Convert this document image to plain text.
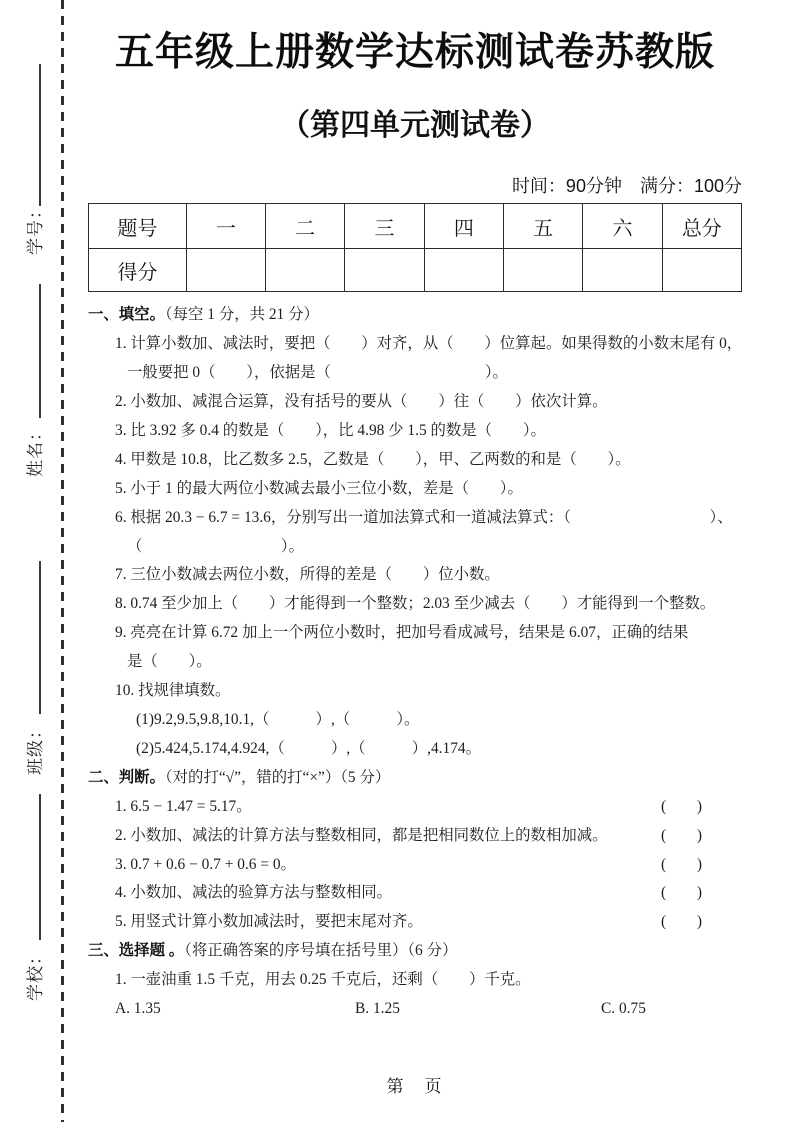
学号：
姓名：
班级：
学校：
五年级上册数学达标测试卷苏教版
（第四单元测试卷）
时间：90分钟　满分：100分
题号	一	二	三	四	五	六	总分
得分							
一、填空。（每空 1 分，共 21 分）
1. 计算小数加、减法时，要把（　　）对齐，从（　　）位算起。如果得数的小数末尾有 0，
一般要把 0（　　），依据是（　　　　　　　　　　）。
2. 小数加、减混合运算，没有括号的要从（　　）往（　　）依次计算。
3. 比 3.92 多 0.4 的数是（　　），比 4.98 少 1.5 的数是（　　）。
4. 甲数是 10.8，比乙数多 2.5，乙数是（　　），甲、乙两数的和是（　　）。
5. 小于 1 的最大两位小数减去最小三位小数，差是（　　）。
6. 根据 20.3 − 6.7 = 13.6，分别写出一道加法算式和一道减法算式：（　　　　　　　　　）、
（　　　　　　　　　）。
7. 三位小数减去两位小数，所得的差是（　　）位小数。
8. 0.74 至少加上（　　）才能得到一个整数；2.03 至少减去（　　）才能得到一个整数。
9. 亮亮在计算 6.72 加上一个两位小数时，把加号看成减号，结果是 6.07，正确的结果
是（　　）。
10. 找规律填数。
(1)9.2,9.5,9.8,10.1,（　　　）,（　　　）。
(2)5.424,5.174,4.924,（　　　）,（　　　）,4.174。
二、判断。（对的打“√”，错的打“×”）（5 分）
1. 6.5 − 1.47 = 5.17。	(　　)
2. 小数加、减法的计算方法与整数相同，都是把相同数位上的数相加减。	(　　)
3. 0.7 + 0.6 − 0.7 + 0.6 = 0。	(　　)
4. 小数加、减法的验算方法与整数相同。	(　　)
5. 用竖式计算小数加减法时，要把末尾对齐。	(　　)
三、选择题 。（将正确答案的序号填在括号里）（6 分）
1. 一壶油重 1.5 千克，用去 0.25 千克后，还剩（　　）千克。
A. 1.35	B. 1.25	C. 0.75
第　页
